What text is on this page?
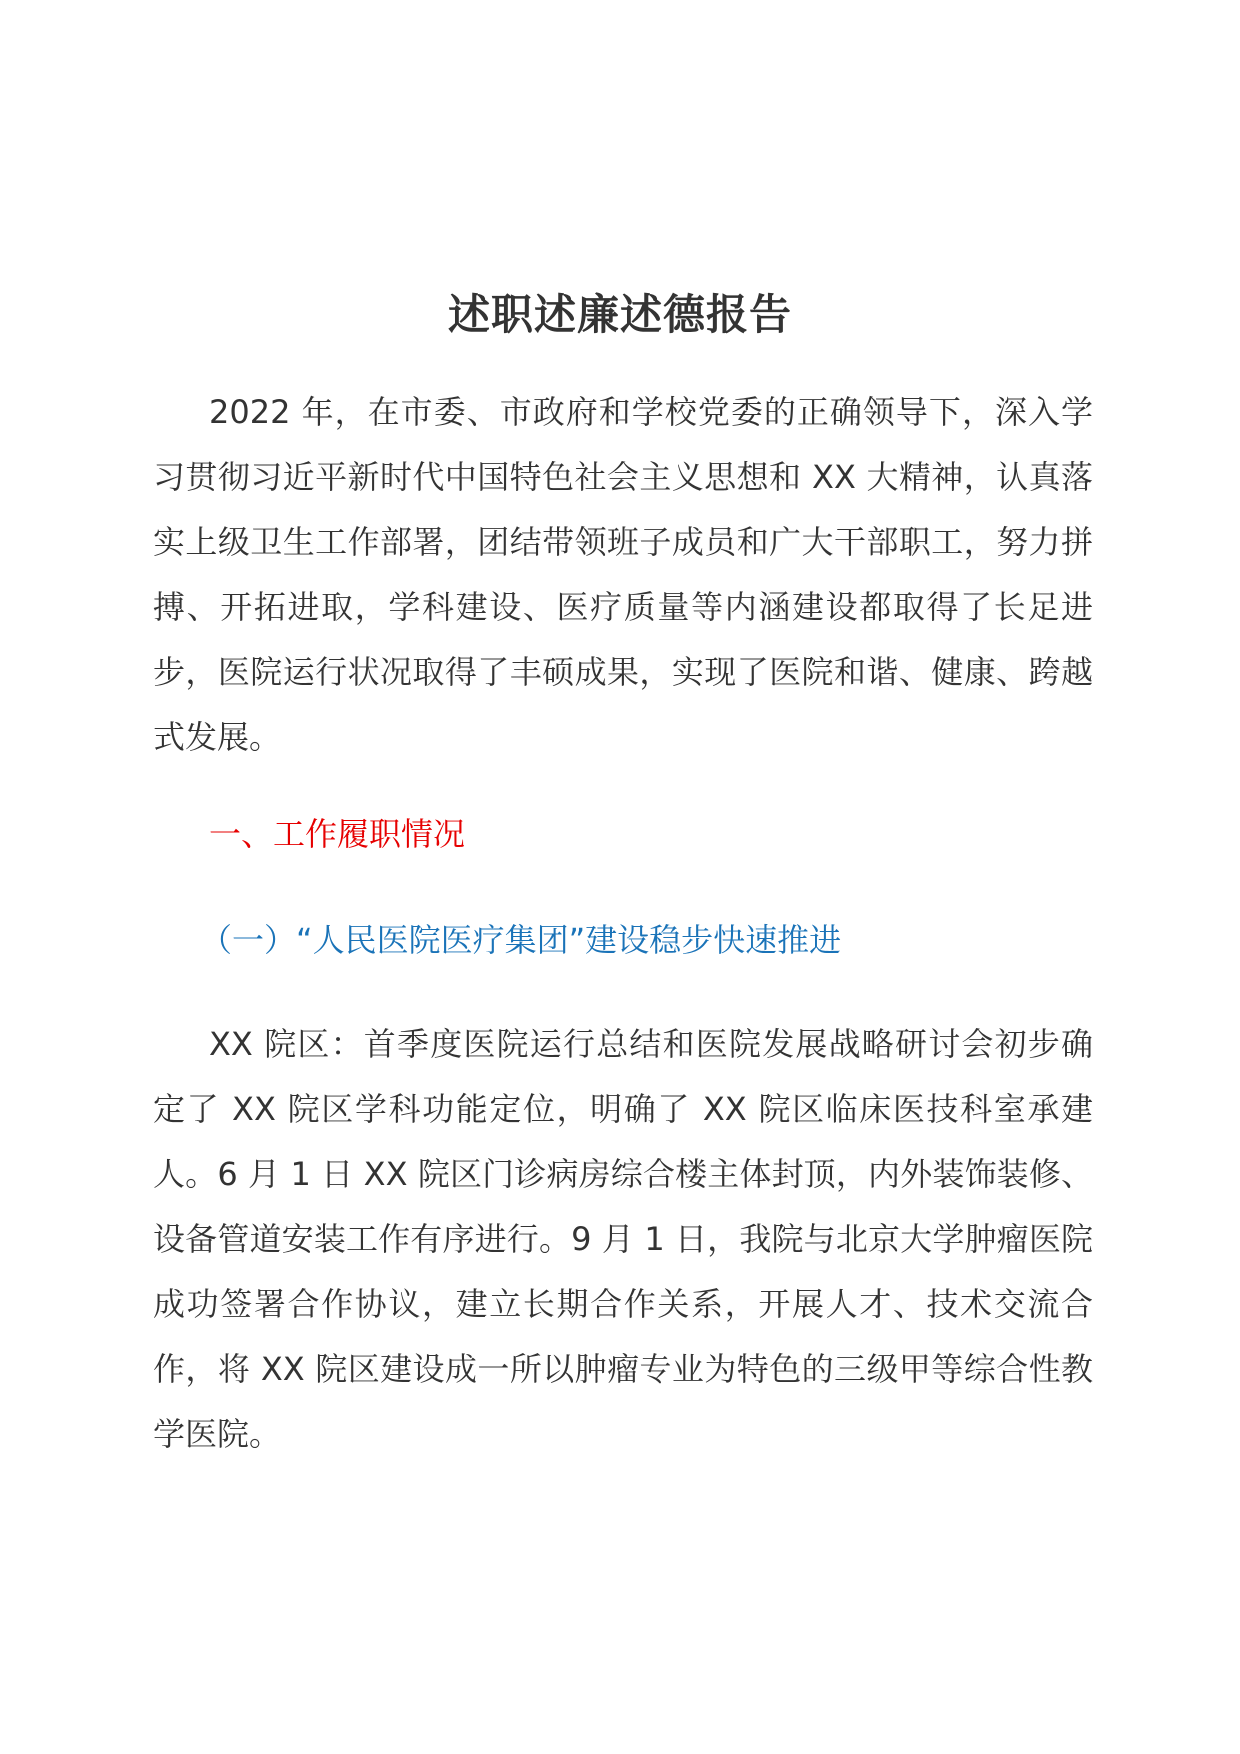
述职述廉述德报告
2022 年，在市委、市政府和学校党委的正确领导下，深入学习贯彻习近平新时代中国特色社会主义思想和 XX 大精神，认真落实上级卫生工作部署，团结带领班子成员和广大干部职工，努力拼搏、开拓进取，学科建设、医疗质量等内涵建设都取得了长足进步，医院运行状况取得了丰硕成果，实现了医院和谐、健康、跨越式发展。
一、工作履职情况
（一）“人民医院医疗集团”建设稳步快速推进
XX 院区：首季度医院运行总结和医院发展战略研讨会初步确定了 XX 院区学科功能定位，明确了 XX 院区临床医技科室承建人。6 月 1 日 XX 院区门诊病房综合楼主体封顶，内外装饰装修、设备管道安装工作有序进行。9 月 1 日，我院与北京大学肿瘤医院成功签署合作协议，建立长期合作关系，开展人才、技术交流合作，将 XX 院区建设成一所以肿瘤专业为特色的三级甲等综合性教学医院。
